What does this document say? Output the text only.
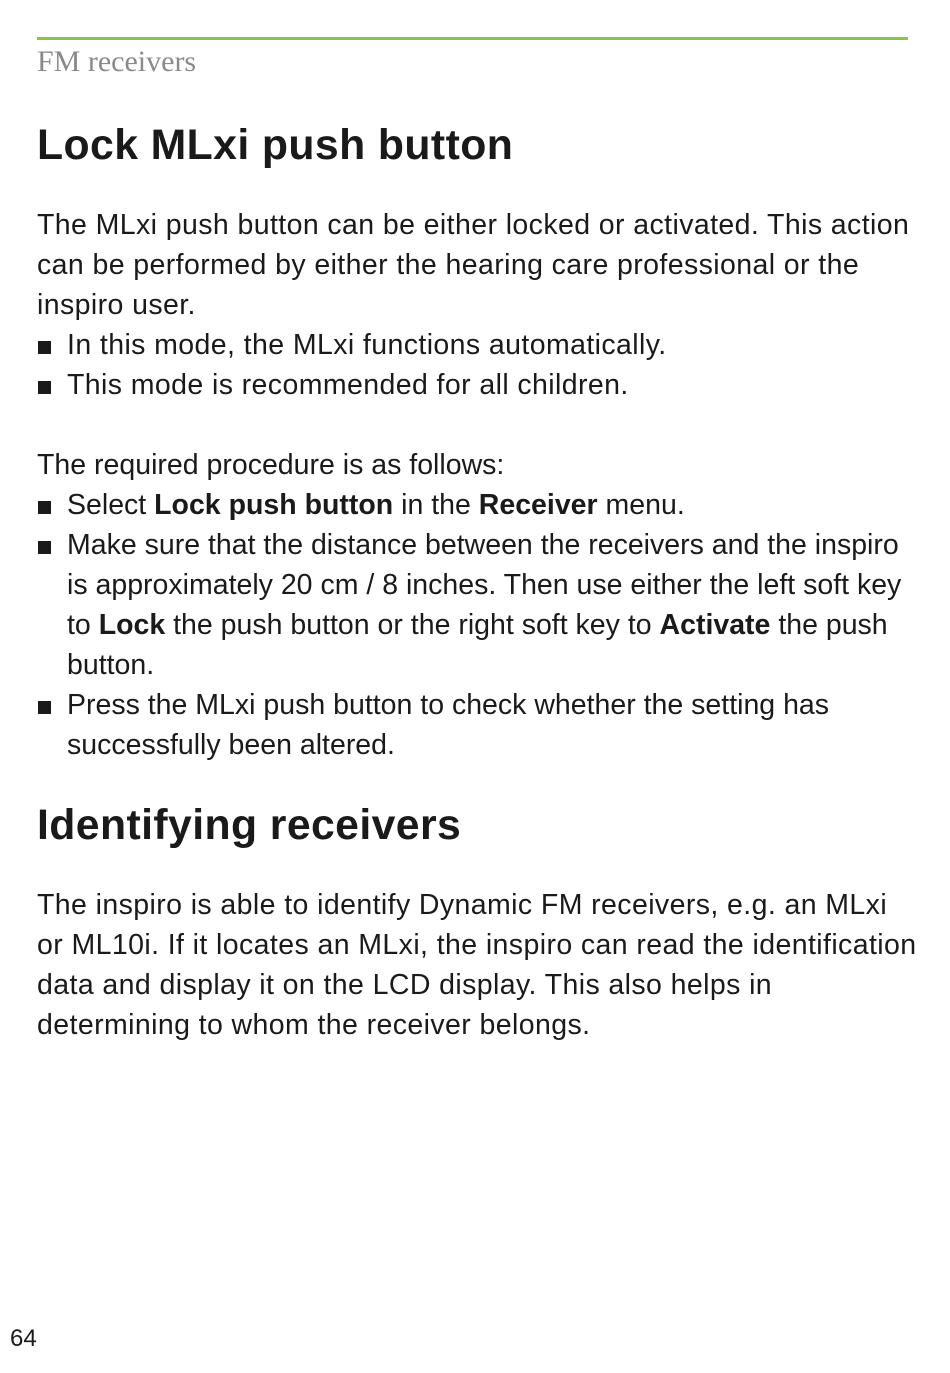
FM receivers
Lock MLxi push button

The MLxi push button can be either locked or activated. This action can be performed by either the hearing care professional or the inspiro user.

In this mode, the MLxi functions automatically.
This mode is recommended for all children.

The required procedure is as follows:

Select Lock push button in the Receiver menu.
Make sure that the distance between the receivers and the inspiro is approximately 20 cm / 8 inches. Then use either the left soft key to Lock the push button or the right soft key to Activate the push button.
Press the MLxi push button to check whether the setting has successfully been altered.
Identifying receivers

The inspiro is able to identify Dynamic FM receivers, e.g. an MLxi or ML10i. If it locates an MLxi, the inspiro can read the identification data and display it on the LCD display. This also helps in determining to whom the receiver belongs.

64
